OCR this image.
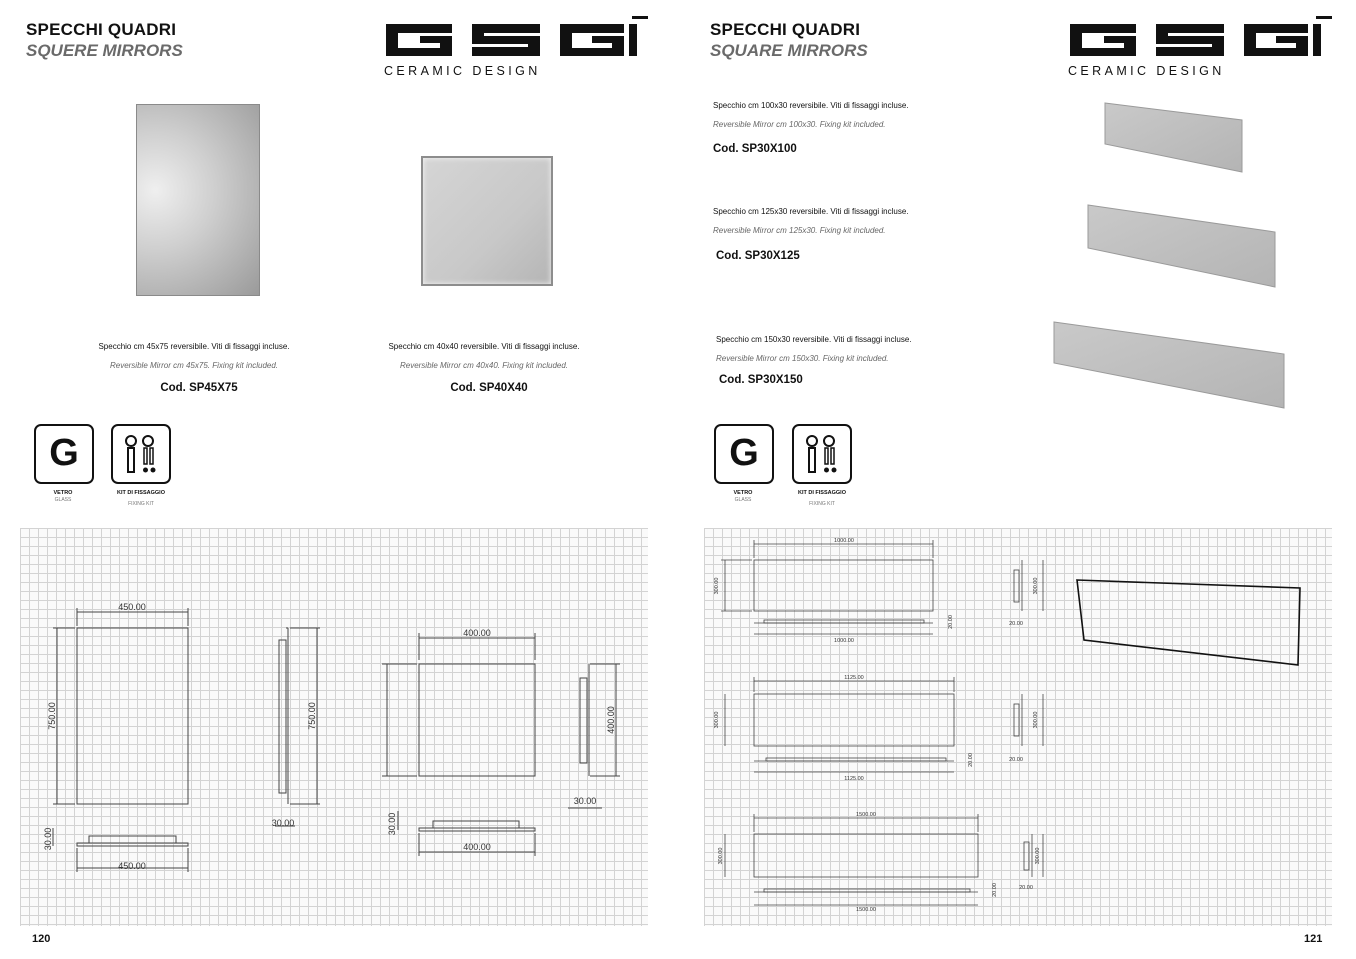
SPECCHI QUADRI
SQUERE MIRRORS
CERAMIC DESIGN
Specchio cm 45x75 reversibile. Viti di fissaggi incluse.
Reversible Mirror cm 45x75. Fixing kit included.
Cod. SP45X75
Specchio cm 40x40 reversibile. Viti di fissaggi incluse.
Reversible Mirror cm 40x40. Fixing kit included.
Cod. SP40X40
G
VETRO
GLASS
KIT DI FISSAGGIO
FIXING KIT
450.00
750.00	750.00
30.00
450.00
30.00
400.00
400.00
30.00
400.00
30.00
120
SPECCHI QUADRI
SQUARE MIRRORS
CERAMIC DESIGN
Specchio cm 100x30 reversibile. Viti di fissaggi incluse.
Reversible Mirror cm 100x30. Fixing kit included.
Cod. SP30X100
Specchio cm 125x30 reversibile. Viti di fissaggi incluse.
Reversible Mirror cm 125x30. Fixing kit included.
Cod. SP30X125
Specchio cm 150x30 reversibile. Viti di fissaggi incluse.
Reversible Mirror cm 150x30. Fixing kit included.
Cod. SP30X150
G
VETRO
GLASS
KIT DI FISSAGGIO
FIXING KIT
1000.00
1000.00
300.00	300.00
20.00
20.00
1125.00
1125.00
300.00	300.00
20.00
20.00
1500.00
1500.00
300.00	300.00
20.00
20.00
121
